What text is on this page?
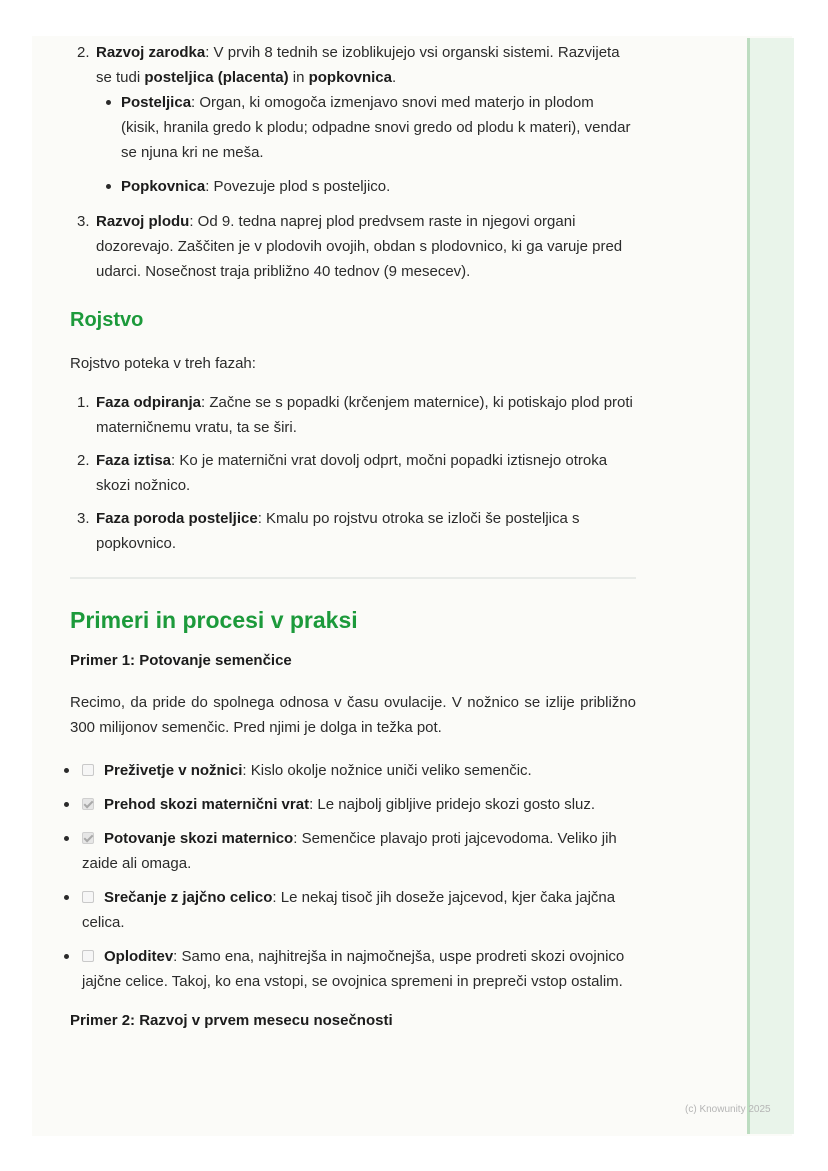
2. Razvoj zarodka: V prvih 8 tednih se izoblikujejo vsi organski sistemi. Razvijeta se tudi posteljica (placenta) in popkovnica.
Posteljica: Organ, ki omogoča izmenjavo snovi med materjo in plodom (kisik, hranila gredo k plodu; odpadne snovi gredo od plodu k materi), vendar se njuna kri ne meša.
Popkovnica: Povezuje plod s posteljico.
3. Razvoj plodu: Od 9. tedna naprej plod predvsem raste in njegovi organi dozorevajo. Zaščiten je v plodovih ovojih, obdan s plodovnico, ki ga varuje pred udarci. Nosečnost traja približno 40 tednov (9 mesecev).
Rojstvo

Rojstvo poteka v treh fazah:

1. Faza odpiranja: Začne se s popadki (krčenjem maternice), ki potiskajo plod proti materničnemu vratu, ta se širi.
2. Faza iztisa: Ko je maternični vrat dovolj odprt, močni popadki iztisnejo otroka skozi nožnico.
3. Faza poroda posteljice: Kmalu po rojstvu otroka se izloči še posteljica s popkovnico.
Primeri in procesi v praksi

Primer 1: Potovanje semenčice

Recimo, da pride do spolnega odnosa v času ovulacije. V nožnico se izlije približno 300 milijonov semenčic. Pred njimi je dolga in težka pot.

Preživetje v nožnici: Kislo okolje nožnice uniči veliko semenčic.
Prehod skozi maternični vrat: Le najbolj gibljive pridejo skozi gosto sluz.
Potovanje skozi maternico: Semenčice plavajo proti jajcevodoma. Veliko jih zaide ali omaga.
Srečanje z jajčno celico: Le nekaj tisoč jih doseže jajcevod, kjer čaka jajčna celica.
Oploditev: Samo ena, najhitrejša in najmočnejša, uspe prodreti skozi ovojnico jajčne celice. Takoj, ko ena vstopi, se ovojnica spremeni in prepreči vstop ostalim.

Primer 2: Razvoj v prvem mesecu nosečnosti

(c) Knowunity 2025
